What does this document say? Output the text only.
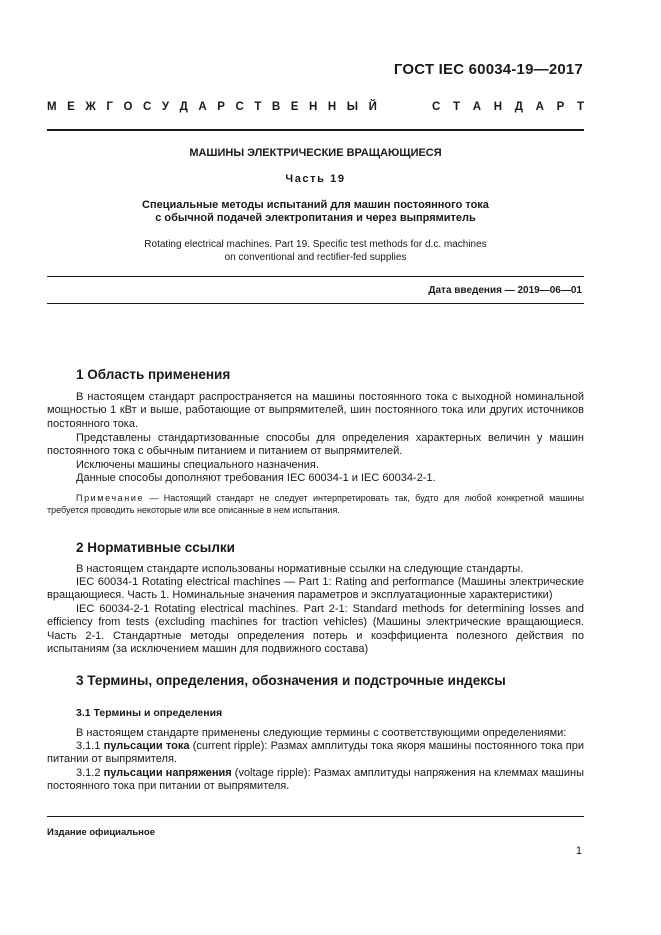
ГОСТ IEC 60034-19—2017
М Е Ж Г О С У Д А Р С Т В Е Н Н Ы Й	С Т А Н Д А Р Т
МАШИНЫ ЭЛЕКТРИЧЕСКИЕ ВРАЩАЮЩИЕСЯ
Часть 19
Специальные методы испытаний для машин постоянного тока
с обычной подачей электропитания и через выпрямитель
Rotating electrical machines. Part 19. Specific test methods for d.c. machines
on conventional and rectifier-fed supplies
Дата введения — 2019—06—01
1 Область применения
В настоящем стандарт распространяется на машины постоянного тока с выходной номинальной мощностью 1 кВт и выше, работающие от выпрямителей, шин постоянного тока или других источников постоянного тока.
Представлены стандартизованные способы для определения характерных величин у машин постоянного тока с обычным питанием и питанием от выпрямителей.
Исключены машины специального назначения.
Данные способы дополняют требования IEC 60034-1 и IEC 60034-2-1.
Примечание — Настоящий стандарт не следует интерпретировать так, будто для любой конкретной машины требуется проводить некоторые или все описанные в нем испытания.
2 Нормативные ссылки
В настоящем стандарте использованы нормативные ссылки на следующие стандарты.
IEC 60034-1 Rotating electrical machines — Part 1: Rating and performance (Машины электрические вращающиеся. Часть 1. Номинальные значения параметров и эксплуатационные характеристики)
IEC 60034-2-1 Rotating electrical machines. Part 2-1: Standard methods for determining losses and efficiency from tests (excluding machines for traction vehicles) (Машины электрические вращающиеся. Часть 2-1. Стандартные методы определения потерь и коэффициента полезного действия по испытаниям (за исключением машин для подвижного состава)
3 Термины, определения, обозначения и подстрочные индексы
3.1 Термины и определения
В настоящем стандарте применены следующие термины с соответствующими определениями:
3.1.1 пульсации тока (current ripple): Размах амплитуды тока якоря машины постоянного тока при питании от выпрямителя.
3.1.2 пульсации напряжения (voltage ripple): Размах амплитуды напряжения на клеммах машины постоянного тока при питании от выпрямителя.
Издание официальное
1
